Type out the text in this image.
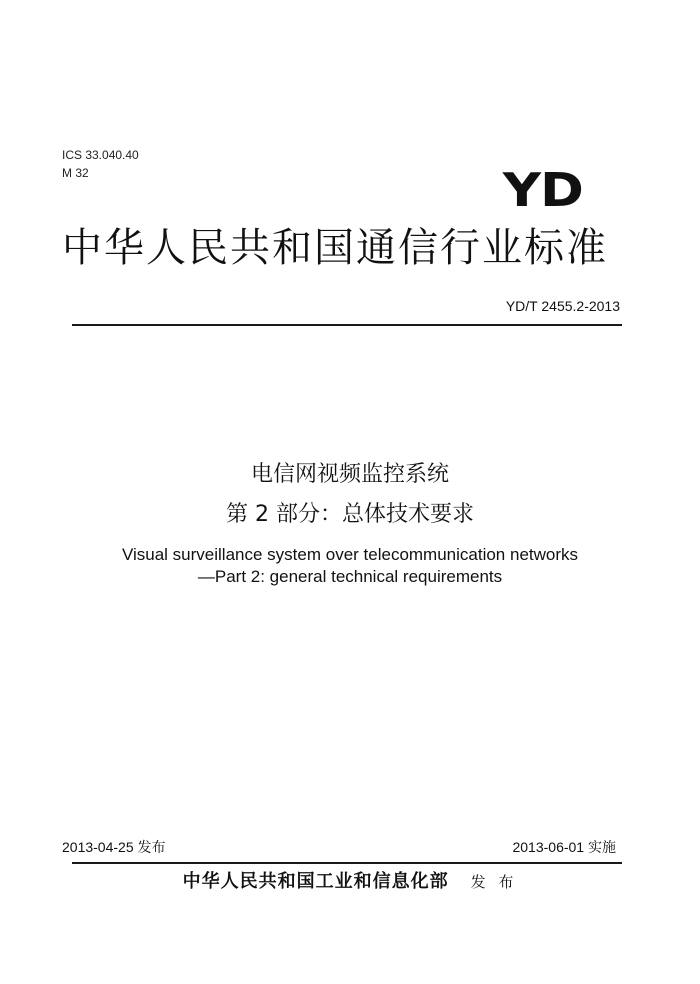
ICS 33.040.40
M 32	YD
中华人民共和国通信行业标准
YD/T 2455.2-2013
电信网视频监控系统
第 2 部分：总体技术要求
Visual surveillance system over telecommunication networks
—Part 2: general technical requirements
2013-04-25 发布	2013-06-01 实施
中华人民共和国工业和信息化部 发 布
